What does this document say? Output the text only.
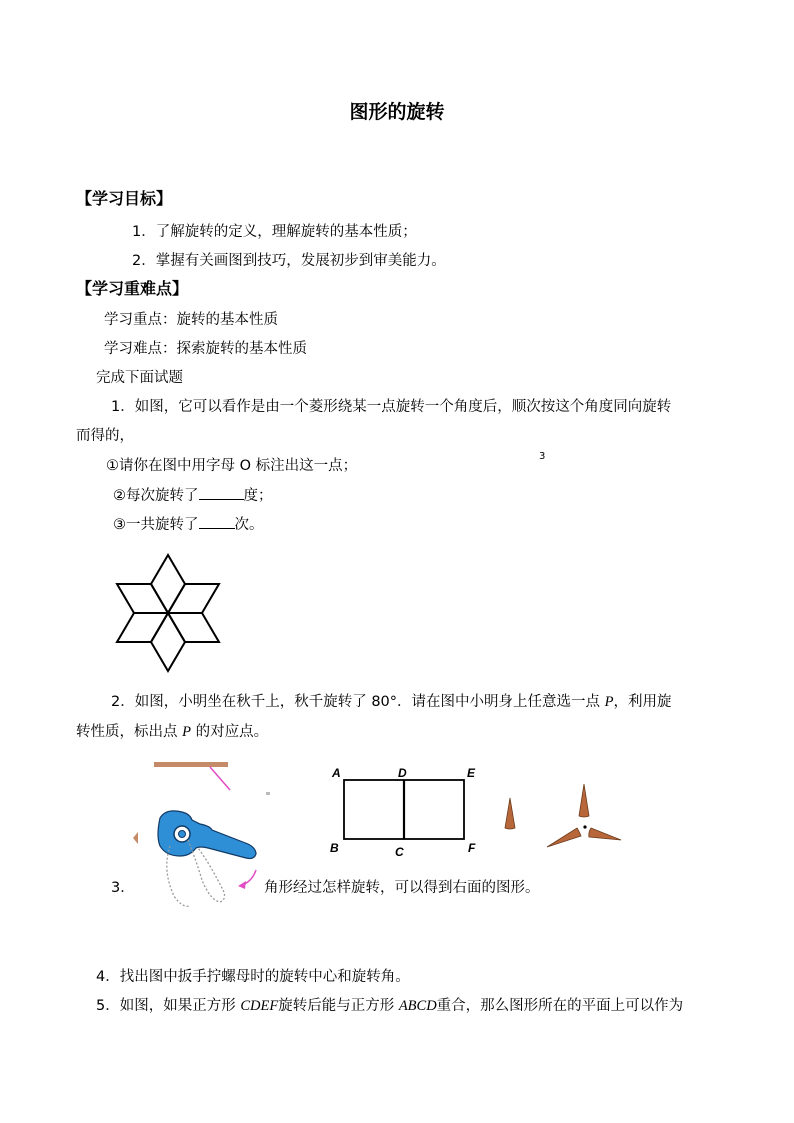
图形的旋转
【学习目标】
1．了解旋转的定义，理解旋转的基本性质；
2．掌握有关画图到技巧，发展初步到审美能力。
【学习重难点】
学习重点：旋转的基本性质
学习难点：探索旋转的基本性质
完成下面试题
1．如图，它可以看作是由一个菱形绕某一点旋转一个角度后，顺次按这个角度同向旋转
而得的，
①请你在图中用字母 O 标注出这一点；
3
②每次旋转了	度；
③一共旋转了 次。
2．如图，小明坐在秋千上，秋千旋转了 80°．请在图中小明身上任意选一点 P，利用旋
转性质，标出点 P 的对应点。
A	D	E
B	C	F
3．	角形经过怎样旋转，可以得到右面的图形。
4．找出图中扳手拧螺母时的旋转中心和旋转角。
5．如图，如果正方形 CDEF旋转后能与正方形 ABCD重合，那么图形所在的平面上可以作为
